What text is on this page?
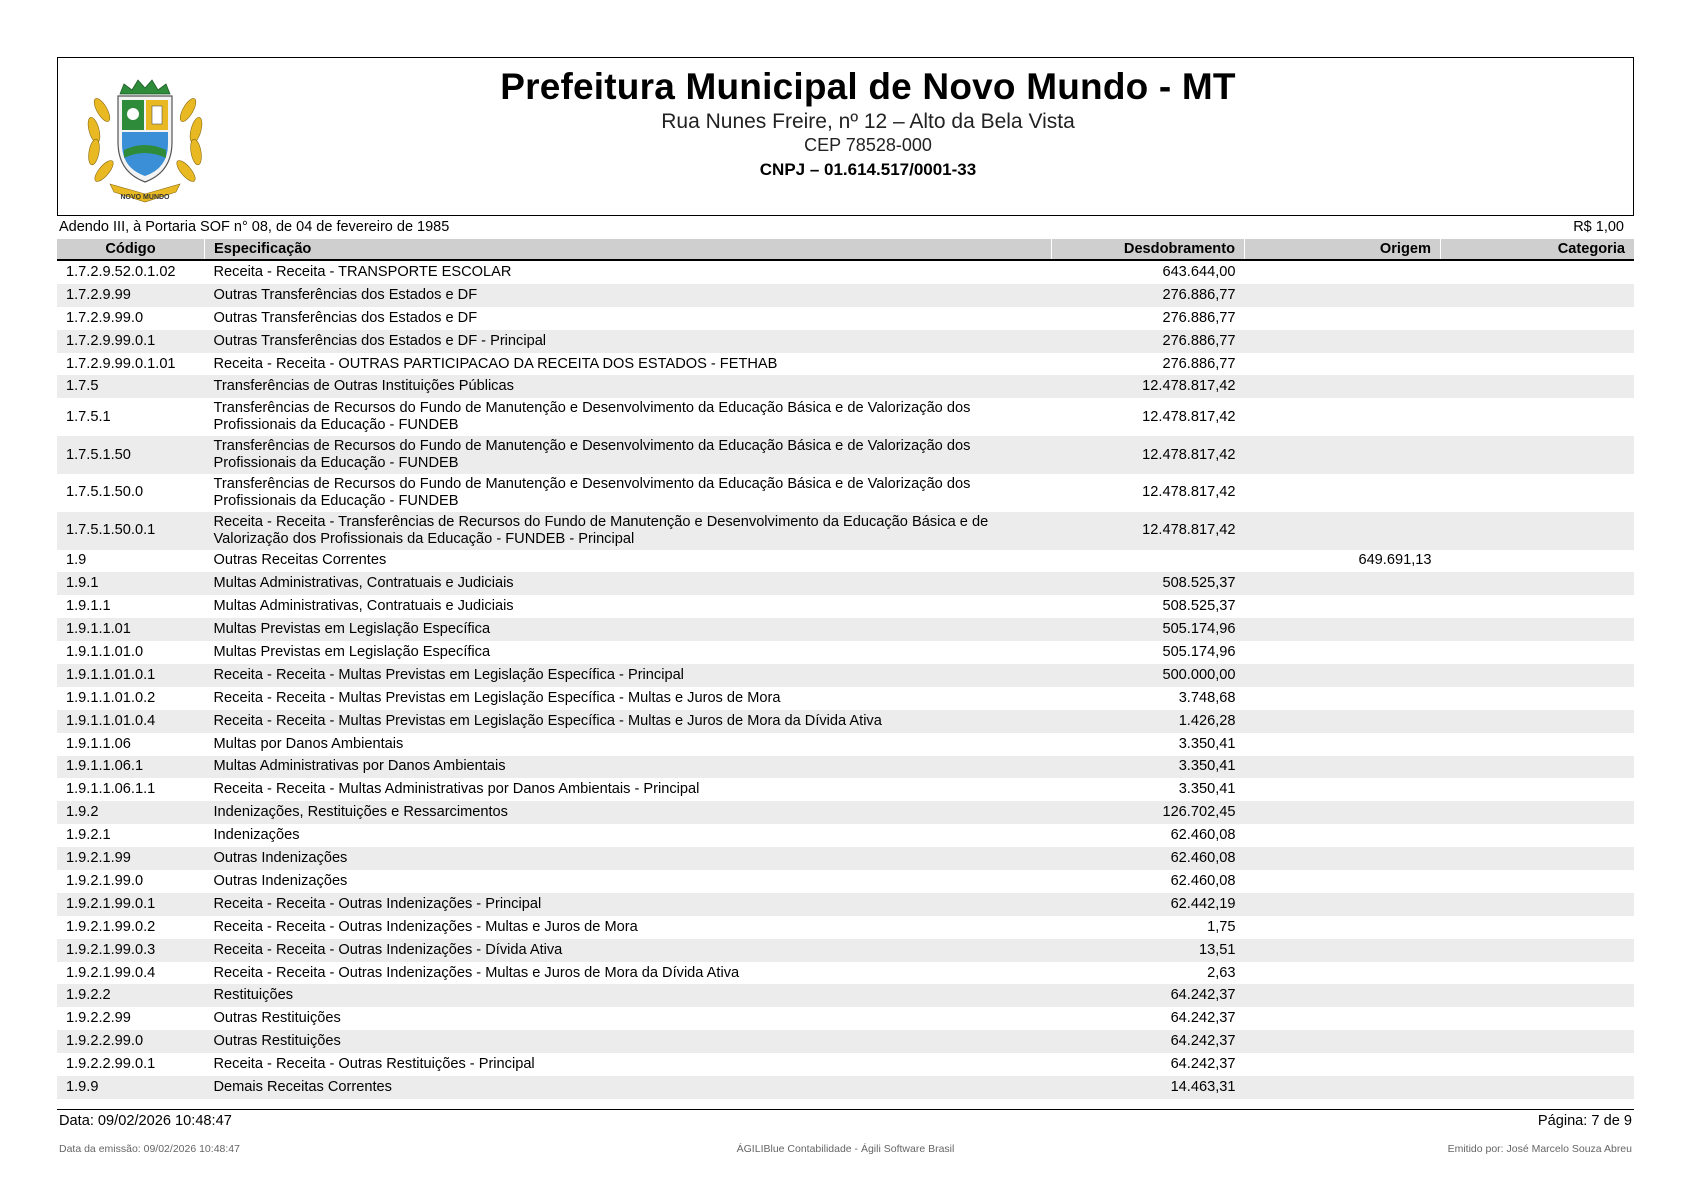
NOVO MUNDO
Prefeitura Municipal de Novo Mundo - MT
Rua Nunes Freire, nº 12 – Alto da Bela Vista
CEP 78528-000
CNPJ – 01.614.517/0001-33
Adendo III, à Portaria SOF n° 08, de 04 de fevereiro de 1985	R$ 1,00
Código	Especificação	Desdobramento	Origem	Categoria
1.7.2.9.52.0.1.02	Receita - Receita - TRANSPORTE ESCOLAR	643.644,00		
1.7.2.9.99	Outras Transferências dos Estados e DF	276.886,77		
1.7.2.9.99.0	Outras Transferências dos Estados e DF	276.886,77		
1.7.2.9.99.0.1	Outras Transferências dos Estados e DF - Principal	276.886,77		
1.7.2.9.99.0.1.01	Receita - Receita - OUTRAS PARTICIPACAO DA RECEITA DOS ESTADOS - FETHAB	276.886,77		
1.7.5	Transferências de Outras Instituições Públicas	12.478.817,42		
1.7.5.1	Transferências de Recursos do Fundo de Manutenção e Desenvolvimento da Educação Básica e de Valorização dos Profissionais da Educação - FUNDEB	12.478.817,42		
1.7.5.1.50	Transferências de Recursos do Fundo de Manutenção e Desenvolvimento da Educação Básica e de Valorização dos Profissionais da Educação - FUNDEB	12.478.817,42		
1.7.5.1.50.0	Transferências de Recursos do Fundo de Manutenção e Desenvolvimento da Educação Básica e de Valorização dos Profissionais da Educação - FUNDEB	12.478.817,42		
1.7.5.1.50.0.1	Receita - Receita - Transferências de Recursos do Fundo de Manutenção e Desenvolvimento da Educação Básica e de Valorização dos Profissionais da Educação - FUNDEB - Principal	12.478.817,42		
1.9	Outras Receitas Correntes		649.691,13	
1.9.1	Multas Administrativas, Contratuais e Judiciais	508.525,37		
1.9.1.1	Multas Administrativas, Contratuais e Judiciais	508.525,37		
1.9.1.1.01	Multas Previstas em Legislação Específica	505.174,96		
1.9.1.1.01.0	Multas Previstas em Legislação Específica	505.174,96		
1.9.1.1.01.0.1	Receita - Receita - Multas Previstas em Legislação Específica - Principal	500.000,00		
1.9.1.1.01.0.2	Receita - Receita - Multas Previstas em Legislação Específica - Multas e Juros de Mora	3.748,68		
1.9.1.1.01.0.4	Receita - Receita - Multas Previstas em Legislação Específica - Multas e Juros de Mora da Dívida Ativa	1.426,28		
1.9.1.1.06	Multas por Danos Ambientais	3.350,41		
1.9.1.1.06.1	Multas Administrativas por Danos Ambientais	3.350,41		
1.9.1.1.06.1.1	Receita - Receita - Multas Administrativas por Danos Ambientais - Principal	3.350,41		
1.9.2	Indenizações, Restituições e Ressarcimentos	126.702,45		
1.9.2.1	Indenizações	62.460,08		
1.9.2.1.99	Outras Indenizações	62.460,08		
1.9.2.1.99.0	Outras Indenizações	62.460,08		
1.9.2.1.99.0.1	Receita - Receita - Outras Indenizações - Principal	62.442,19		
1.9.2.1.99.0.2	Receita - Receita - Outras Indenizações - Multas e Juros de Mora	1,75		
1.9.2.1.99.0.3	Receita - Receita - Outras Indenizações - Dívida Ativa	13,51		
1.9.2.1.99.0.4	Receita - Receita - Outras Indenizações - Multas e Juros de Mora da Dívida Ativa	2,63		
1.9.2.2	Restituições	64.242,37		
1.9.2.2.99	Outras Restituições	64.242,37		
1.9.2.2.99.0	Outras Restituições	64.242,37		
1.9.2.2.99.0.1	Receita - Receita - Outras Restituições - Principal	64.242,37		
1.9.9	Demais Receitas Correntes	14.463,31		
Data: 09/02/2026 10:48:47	Página: 7 de 9
Data da emissão: 09/02/2026 10:48:47	ÁGILIBlue Contabilidade - Ágili Software Brasil	Emitido por: José Marcelo Souza Abreu
